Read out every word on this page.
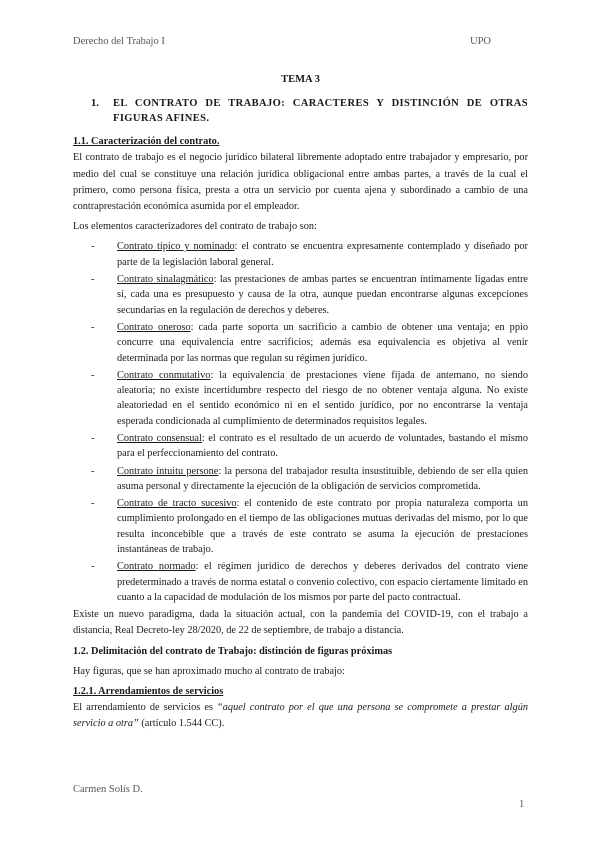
Derecho del Trabajo I	UPO
TEMA 3
1.	EL CONTRATO DE TRABAJO: CARACTERES Y DISTINCIÓN DE OTRAS FIGURAS AFINES.
1.1. Caracterización del contrato.

El contrato de trabajo es el negocio jurídico bilateral libremente adoptado entre trabajador y empresario, por medio del cual se constituye una relación jurídica obligacional entre ambas partes, a través de la cual el primero, como persona física, presta a otra un servicio por cuenta ajena y subordinado a cambio de una contraprestación económica asumida por el empleador.

Los elementos caracterizadores del contrato de trabajo son:

- Contrato típico y nominado: el contrato se encuentra expresamente contemplado y diseñado por parte de la legislación laboral general.
- Contrato sinalagmático: las prestaciones de ambas partes se encuentran íntimamente ligadas entre sí, cada una es presupuesto y causa de la otra, aunque puedan encontrarse algunas excepciones secundarias en la regulación de derechos y deberes.
- Contrato oneroso: cada parte soporta un sacrificio a cambio de obtener una ventaja; en ppio concurre una equivalencia entre sacrificios; además esa equivalencia es objetiva al venir determinada por las normas que regulan su régimen jurídico.
- Contrato conmutativo: la equivalencia de prestaciones viene fijada de antemano, no siendo aleatoria; no existe incertidumbre respecto del riesgo de no obtener ventaja alguna. No existe aleatoriedad en el sentido económico ni en el sentido jurídico, por no encontrarse la ventaja esperada condicionada al cumplimiento de determinados requisitos legales.
- Contrato consensual: el contrato es el resultado de un acuerdo de voluntades, bastando el mismo para el perfeccionamiento del contrato.
- Contrato intuitu persone: la persona del trabajador resulta insustituible, debiendo de ser ella quien asuma personal y directamente la ejecución de la obligación de servicios comprometida.
- Contrato de tracto sucesivo: el contenido de este contrato por propia naturaleza comporta un cumplimiento prolongado en el tiempo de las obligaciones mutuas derivadas del mismo, por lo que resulta inconcebible que a través de este contrato se asuma la ejecución de prestaciones instantáneas de trabajo.
- Contrato normado: el régimen jurídico de derechos y deberes derivados del contrato viene predeterminado a través de norma estatal o convenio colectivo, con espacio ciertamente limitado en cuanto a la capacidad de modulación de los mismos por parte del pacto contractual.

Existe un nuevo paradigma, dada la situación actual, con la pandemia del COVID-19, con el trabajo a distancia, Real Decreto-ley 28/2020, de 22 de septiembre, de trabajo a distancia.

1.2. Delimitación del contrato de Trabajo: distinción de figuras próximas

Hay figuras, que se han aproximado mucho al contrato de trabajo:

1.2.1. Arrendamientos de servicios

El arrendamiento de servicios es “aquel contrato por el que una persona se compromete a prestar algún servicio a otra” (artículo 1.544 CC).

Carmen Solís D.
1
